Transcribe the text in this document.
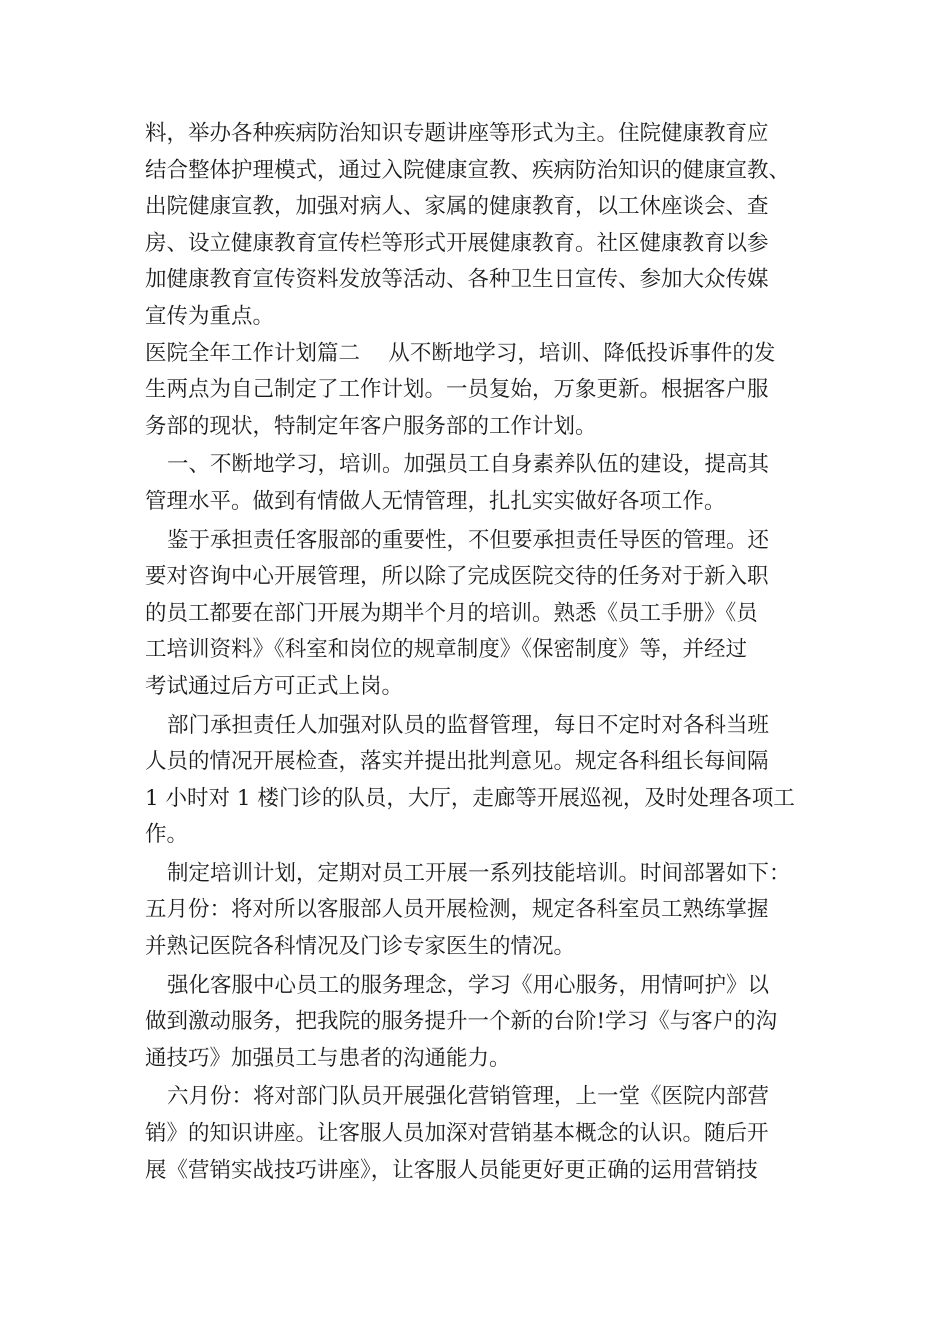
料，举办各种疾病防治知识专题讲座等形式为主。住院健康教育应
结合整体护理模式，通过入院健康宣教、疾病防治知识的健康宣教、
出院健康宣教，加强对病人、家属的健康教育，以工休座谈会、查
房、设立健康教育宣传栏等形式开展健康教育。社区健康教育以参
加健康教育宣传资料发放等活动、各种卫生日宣传、参加大众传媒
宣传为重点。
医院全年工作计划篇二　 从不断地学习，培训、降低投诉事件的发
生两点为自己制定了工作计划。一员复始，万象更新。根据客户服
务部的现状，特制定年客户服务部的工作计划。
一、不断地学习，培训。加强员工自身素养队伍的建设，提高其
管理水平。做到有情做人无情管理，扎扎实实做好各项工作。
鉴于承担责任客服部的重要性，不但要承担责任导医的管理。还
要对咨询中心开展管理，所以除了完成医院交待的任务对于新入职
的员工都要在部门开展为期半个月的培训。熟悉《员工手册》《员
工培训资料》《科室和岗位的规章制度》《保密制度》等，并经过
考试通过后方可正式上岗。
部门承担责任人加强对队员的监督管理，每日不定时对各科当班
人员的情况开展检查，落实并提出批判意见。规定各科组长每间隔
1 小时对 1 楼门诊的队员，大厅，走廊等开展巡视，及时处理各项工
作。
制定培训计划，定期对员工开展一系列技能培训。时间部署如下：
五月份：将对所以客服部人员开展检测，规定各科室员工熟练掌握
并熟记医院各科情况及门诊专家医生的情况。
强化客服中心员工的服务理念，学习《用心服务，用情呵护》以
做到激动服务，把我院的服务提升一个新的台阶!学习《与客户的沟
通技巧》加强员工与患者的沟通能力。
六月份：将对部门队员开展强化营销管理，上一堂《医院内部营
销》的知识讲座。让客服人员加深对营销基本概念的认识。随后开
展《营销实战技巧讲座》，让客服人员能更好更正确的运用营销技
